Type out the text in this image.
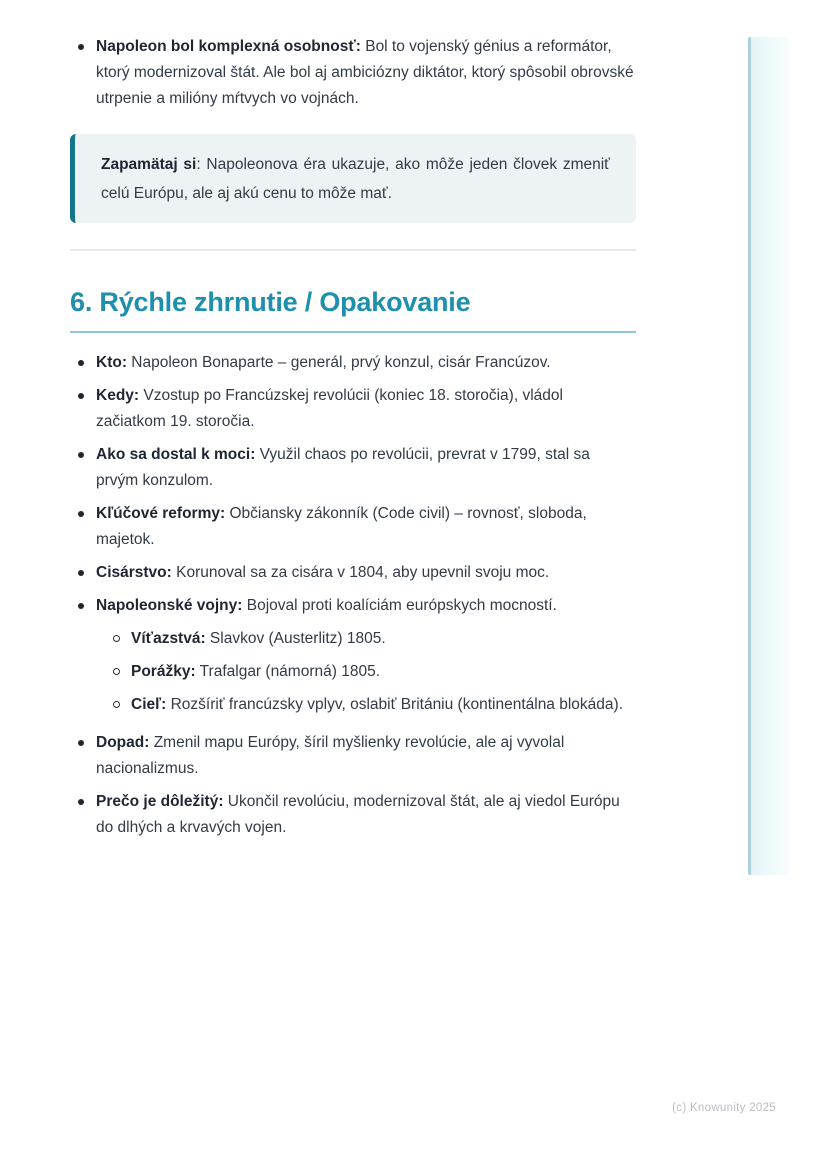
Napoleon bol komplexná osobnosť: Bol to vojenský génius a reformátor, ktorý modernizoval štát. Ale bol aj ambiciózny diktátor, ktorý spôsobil obrovské utrpenie a milióny mŕtvych vo vojnách.

Zapamätaj si: Napoleonova éra ukazuje, ako môže jeden človek zmeniť celú Európu, ale aj akú cenu to môže mať.

6. Rýchle zhrnutie / Opakovanie
Kto: Napoleon Bonaparte – generál, prvý konzul, cisár Francúzov.
Kedy: Vzostup po Francúzskej revolúcii (koniec 18. storočia), vládol začiatkom 19. storočia.
Ako sa dostal k moci: Využil chaos po revolúcii, prevrat v 1799, stal sa prvým konzulom.
Kľúčové reformy: Občiansky zákonník (Code civil) – rovnosť, sloboda, majetok.
Cisárstvo: Korunoval sa za cisára v 1804, aby upevnil svoju moc.
Napoleonské vojny: Bojoval proti koalíciám európskych mocností.
Víťazstvá: Slavkov (Austerlitz) 1805.
Porážky: Trafalgar (námorná) 1805.
Cieľ: Rozšíriť francúzsky vplyv, oslabiť Britániu (kontinentálna blokáda).
Dopad: Zmenil mapu Európy, šíril myšlienky revolúcie, ale aj vyvolal nacionalizmus.
Prečo je dôležitý: Ukončil revolúciu, modernizoval štát, ale aj viedol Európu do dlhých a krvavých vojen.
(c) Knowunity 2025
